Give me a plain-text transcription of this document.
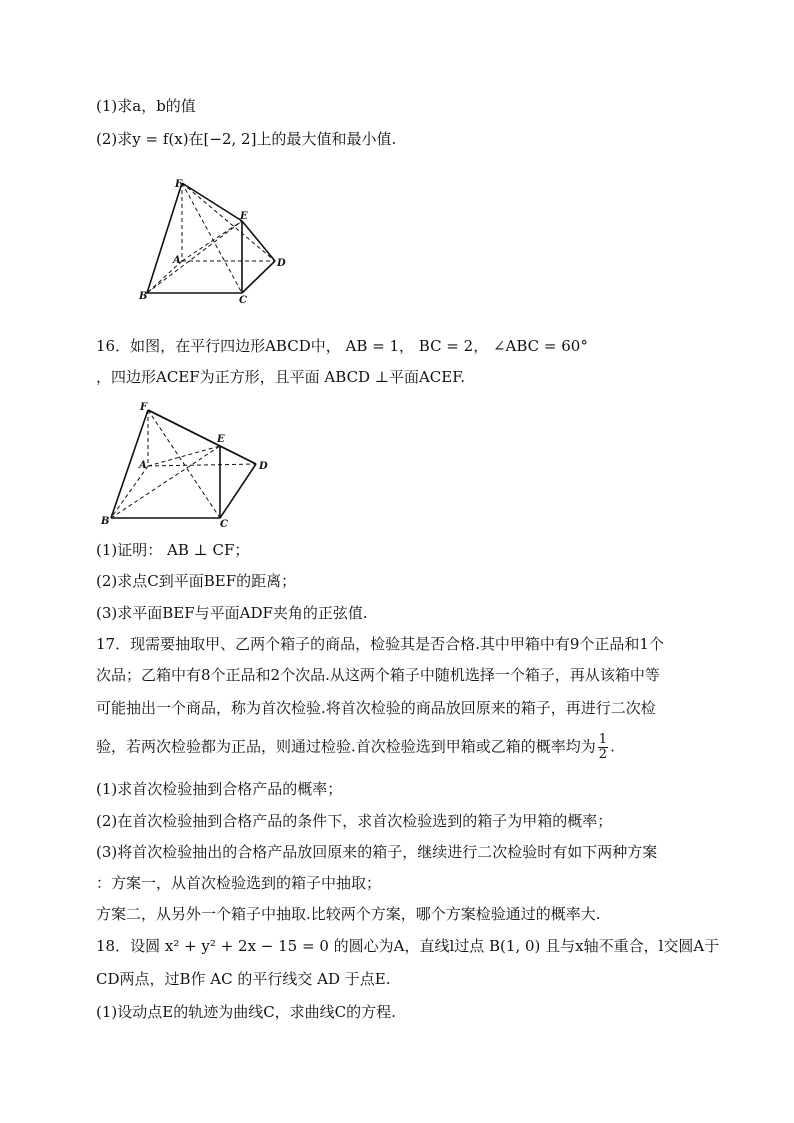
(1)求a，b的值
(2)求y = f(x)在[−2, 2]上的最大值和最小值.
F
E
A	D
B	C
16．如图，在平行四边形ABCD中， AB = 1， BC = 2， ∠ABC = 60°
，四边形ACEF为正方形，且平面 ABCD ⊥平面ACEF.
F
E
A	D
B	C
(1)证明： AB ⊥ CF；
(2)求点C到平面BEF的距离；
(3)求平面BEF与平面ADF夹角的正弦值.
17．现需要抽取甲、乙两个箱子的商品，检验其是否合格.其中甲箱中有9个正品和1个
次品；乙箱中有8个正品和2个次品.从这两个箱子中随机选择一个箱子，再从该箱中等
可能抽出一个商品，称为首次检验.将首次检验的商品放回原来的箱子，再进行二次检
验，若两次检验都为正品，则通过检验.首次检验选到甲箱或乙箱的概率均为 $\frac{1}{2}$ .
(1)求首次检验抽到合格产品的概率；
(2)在首次检验抽到合格产品的条件下，求首次检验选到的箱子为甲箱的概率；
(3)将首次检验抽出的合格产品放回原来的箱子，继续进行二次检验时有如下两种方案
：方案一，从首次检验选到的箱子中抽取；
方案二，从另外一个箱子中抽取.比较两个方案，哪个方案检验通过的概率大.
18．设圆 x² + y² + 2x − 15 = 0 的圆心为A，直线l过点 B(1, 0) 且与x轴不重合，l交圆A于
CD两点，过B作 AC 的平行线交 AD 于点E.
(1)设动点E的轨迹为曲线C，求曲线C的方程.
